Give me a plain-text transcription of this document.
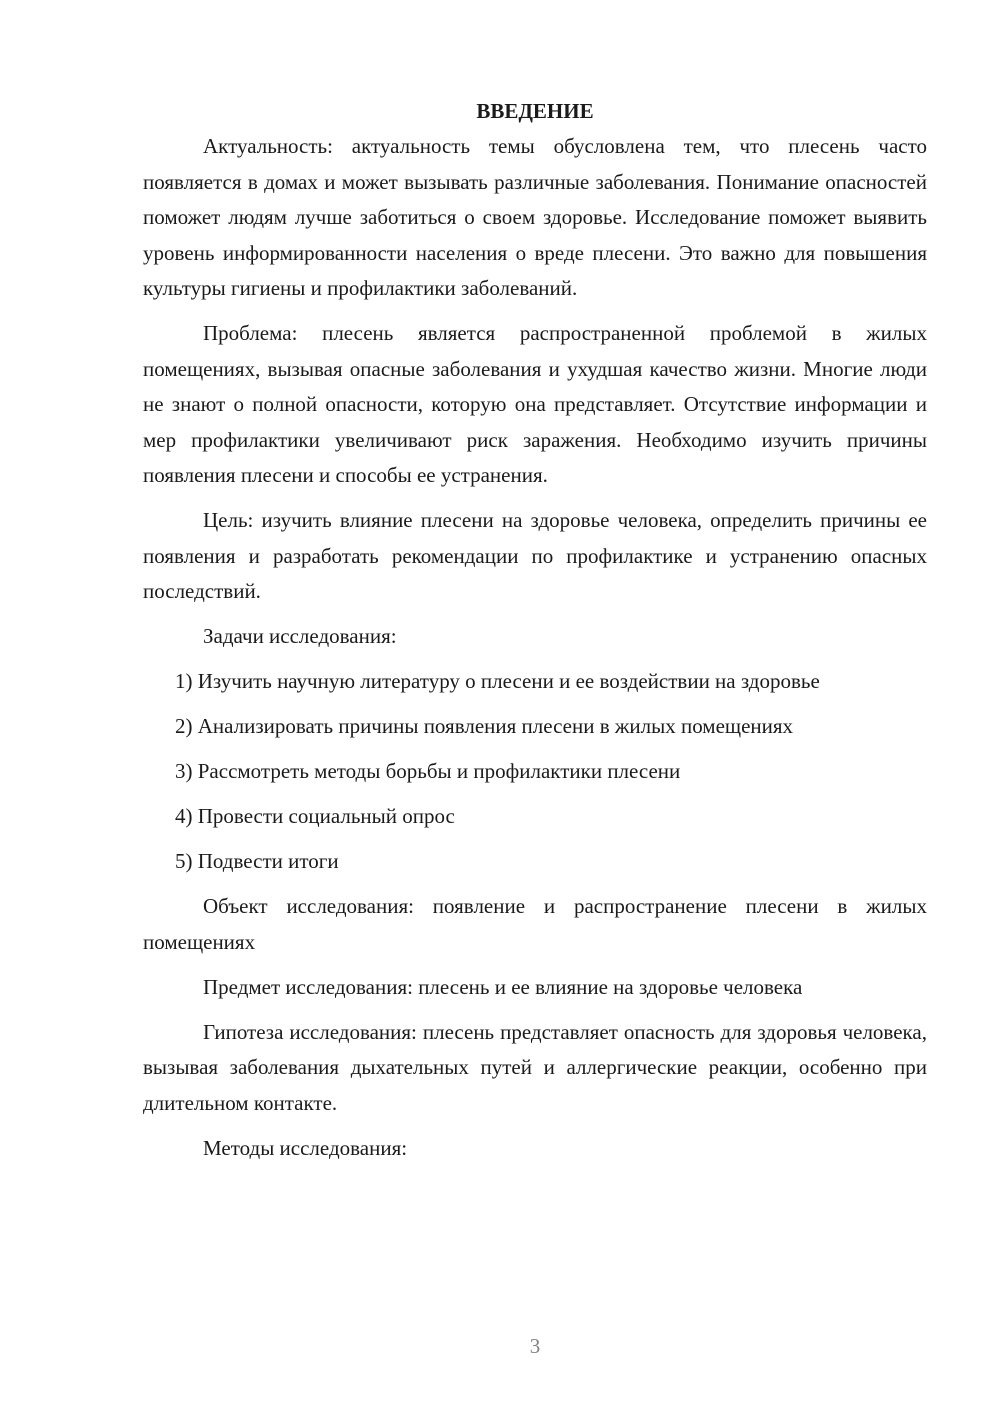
ВВЕДЕНИЕ

Актуальность: актуальность темы обусловлена тем, что плесень часто появляется в домах и может вызывать различные заболевания. Понимание опасностей поможет людям лучше заботиться о своем здоровье. Исследование поможет выявить уровень информированности населения о вреде плесени. Это важно для повышения культуры гигиены и профилактики заболеваний.

Проблема: плесень является распространенной проблемой в жилых помещениях, вызывая опасные заболевания и ухудшая качество жизни. Многие люди не знают о полной опасности, которую она представляет. Отсутствие информации и мер профилактики увеличивают риск заражения. Необходимо изучить причины появления плесени и способы ее устранения.

Цель: изучить влияние плесени на здоровье человека, определить причины ее появления и разработать рекомендации по профилактике и устранению опасных последствий.

Задачи исследования:

1) Изучить научную литературу о плесени и ее воздействии на здоровье

2) Анализировать причины появления плесени в жилых помещениях

3) Рассмотреть методы борьбы и профилактики плесени

4) Провести социальный опрос

5) Подвести итоги

Объект исследования: появление и распространение плесени в жилых помещениях

Предмет исследования: плесень и ее влияние на здоровье человека

Гипотеза исследования: плесень представляет опасность для здоровья человека, вызывая заболевания дыхательных путей и аллергические реакции, особенно при длительном контакте.

Методы исследования:

3
